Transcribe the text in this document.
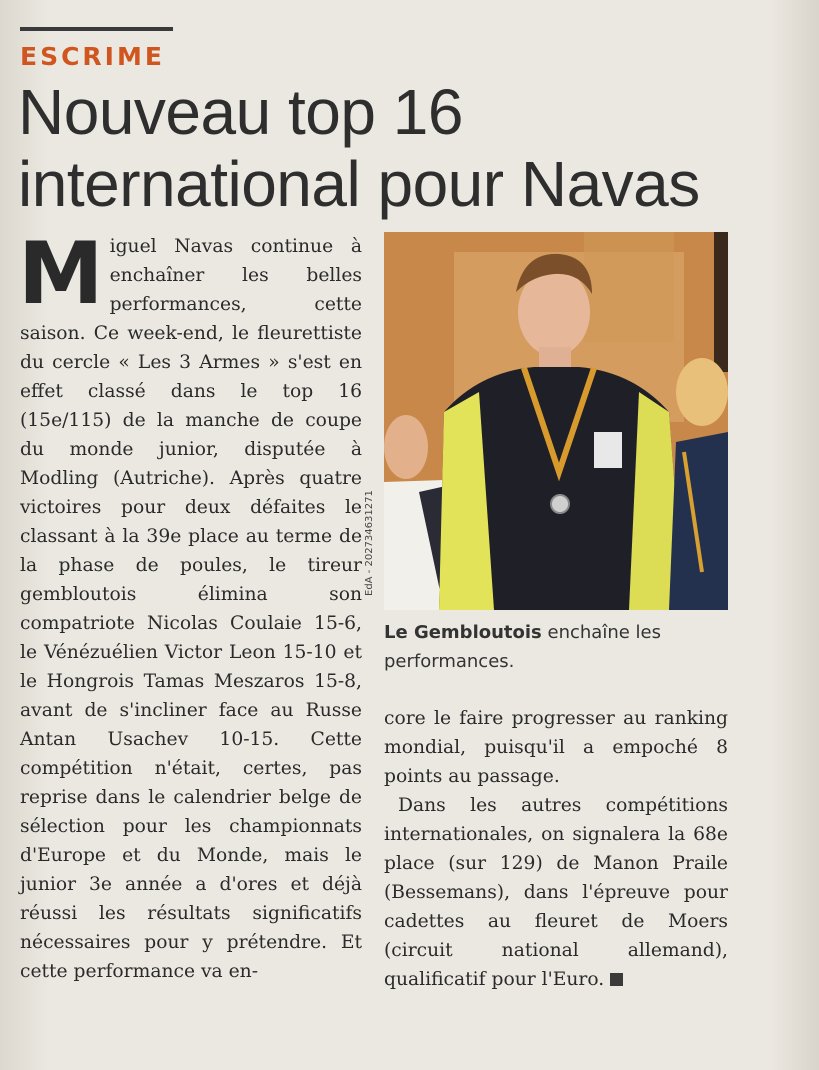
ESCRIME
Nouveau top 16 international pour Navas
M iguel Navas continue à enchaîner les belles performances, cette saison. Ce week-end, le fleurettiste du cercle « Les 3 Armes » s'est en effet classé dans le top 16 (15e/115) de la manche de coupe du monde junior, disputée à Modling (Autriche). Après quatre victoires pour deux défaites le classant à la 39e place au terme de la phase de poules, le tireur gembloutois élimina son compatriote Nicolas Coulaie 15-6, le Vénézuélien Victor Leon 15-10 et le Hongrois Tamas Meszaros 15-8, avant de s'incliner face au Russe Antan Usachev 10-15. Cette compétition n'était, certes, pas reprise dans le calendrier belge de sélection pour les championnats d'Europe et du Monde, mais le junior 3e année a d'ores et déjà réussi les résultats significatifs nécessaires pour y prétendre. Et cette performance va en-

EdA - 202734631271

Le Gembloutois enchaîne les performances.

core le faire progresser au ranking mondial, puisqu'il a empoché 8 points au passage.

Dans les autres compétitions internationales, on signalera la 68e place (sur 129) de Manon Praile (Bessemans), dans l'épreuve pour cadettes au fleuret de Moers (circuit national allemand), qualificatif pour l'Euro.
